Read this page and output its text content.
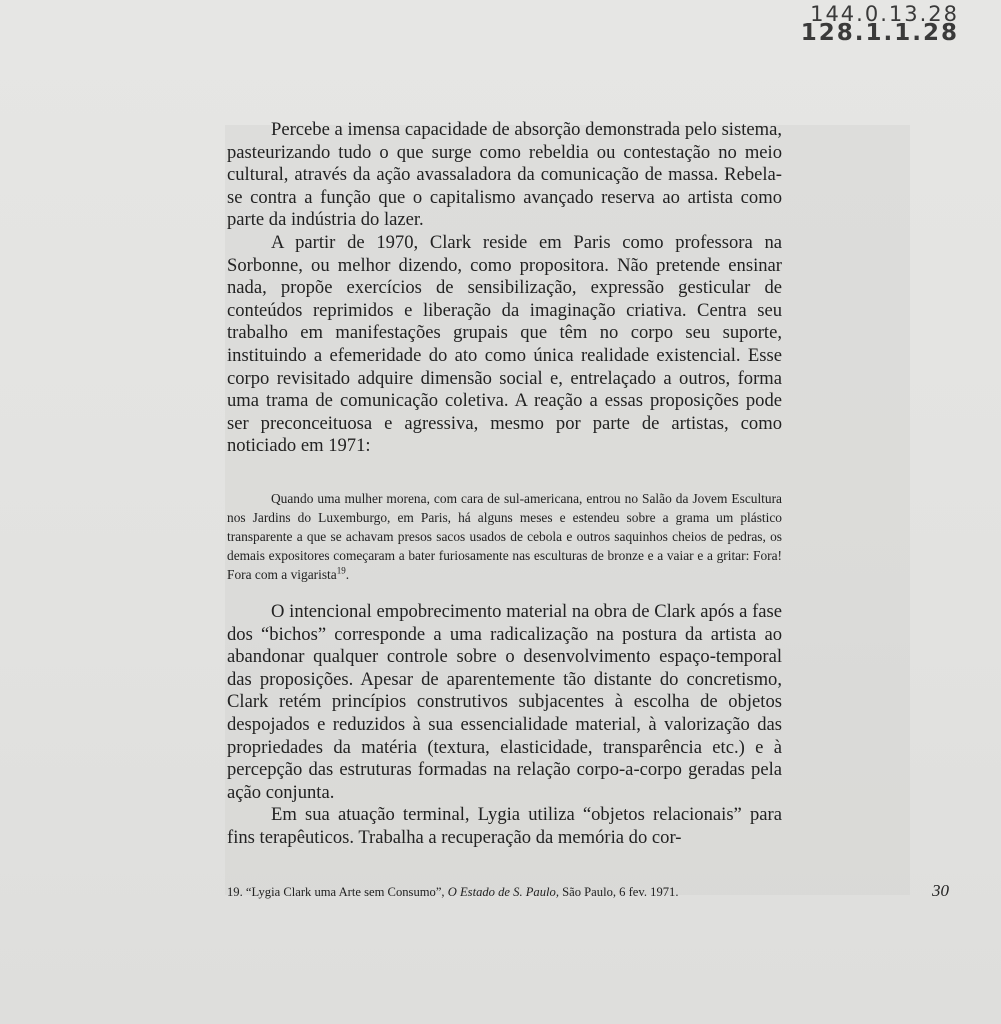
144.0.13.28
128.1.1.28

Percebe a imensa capacidade de absorção demonstrada pelo sistema, pasteurizando tudo o que surge como rebeldia ou contestação no meio cultural, através da ação avassaladora da comunicação de massa. Rebela-se contra a função que o capitalismo avançado reserva ao artista como parte da indústria do lazer.

A partir de 1970, Clark reside em Paris como professora na Sorbonne, ou melhor dizendo, como propositora. Não pretende ensinar nada, propõe exercícios de sensibilização, expressão gesticular de conteúdos reprimidos e liberação da imaginação criativa. Centra seu trabalho em manifestações grupais que têm no corpo seu suporte, instituindo a efemeridade do ato como única realidade existencial. Esse corpo revisitado adquire dimensão social e, entrelaçado a outros, forma uma trama de comunicação coletiva. A reação a essas proposições pode ser preconceituosa e agressiva, mesmo por parte de artistas, como noticiado em 1971:

Quando uma mulher morena, com cara de sul-americana, entrou no Salão da Jovem Escultura nos Jardins do Luxemburgo, em Paris, há alguns meses e estendeu sobre a grama um plástico transparente a que se achavam presos sacos usados de cebola e outros saquinhos cheios de pedras, os demais expositores começaram a bater furiosamente nas esculturas de bronze e a vaiar e a gritar: Fora! Fora com a vigarista$^{19}$.

O intencional empobrecimento material na obra de Clark após a fase dos “bichos” corresponde a uma radicalização na postura da artista ao abandonar qualquer controle sobre o desenvolvimento espaço-temporal das proposições. Apesar de aparentemente tão distante do concretismo, Clark retém princípios construtivos subjacentes à escolha de objetos despojados e reduzidos à sua essencialidade material, à valorização das propriedades da matéria (textura, elasticidade, transparência etc.) e à percepção das estruturas formadas na relação corpo-a-corpo geradas pela ação conjunta.

Em sua atuação terminal, Lygia utiliza “objetos relacionais” para fins terapêuticos. Trabalha a recuperação da memória do cor-

19. “Lygia Clark uma Arte sem Consumo”, O Estado de S. Paulo, São Paulo, 6 fev. 1971.	30
